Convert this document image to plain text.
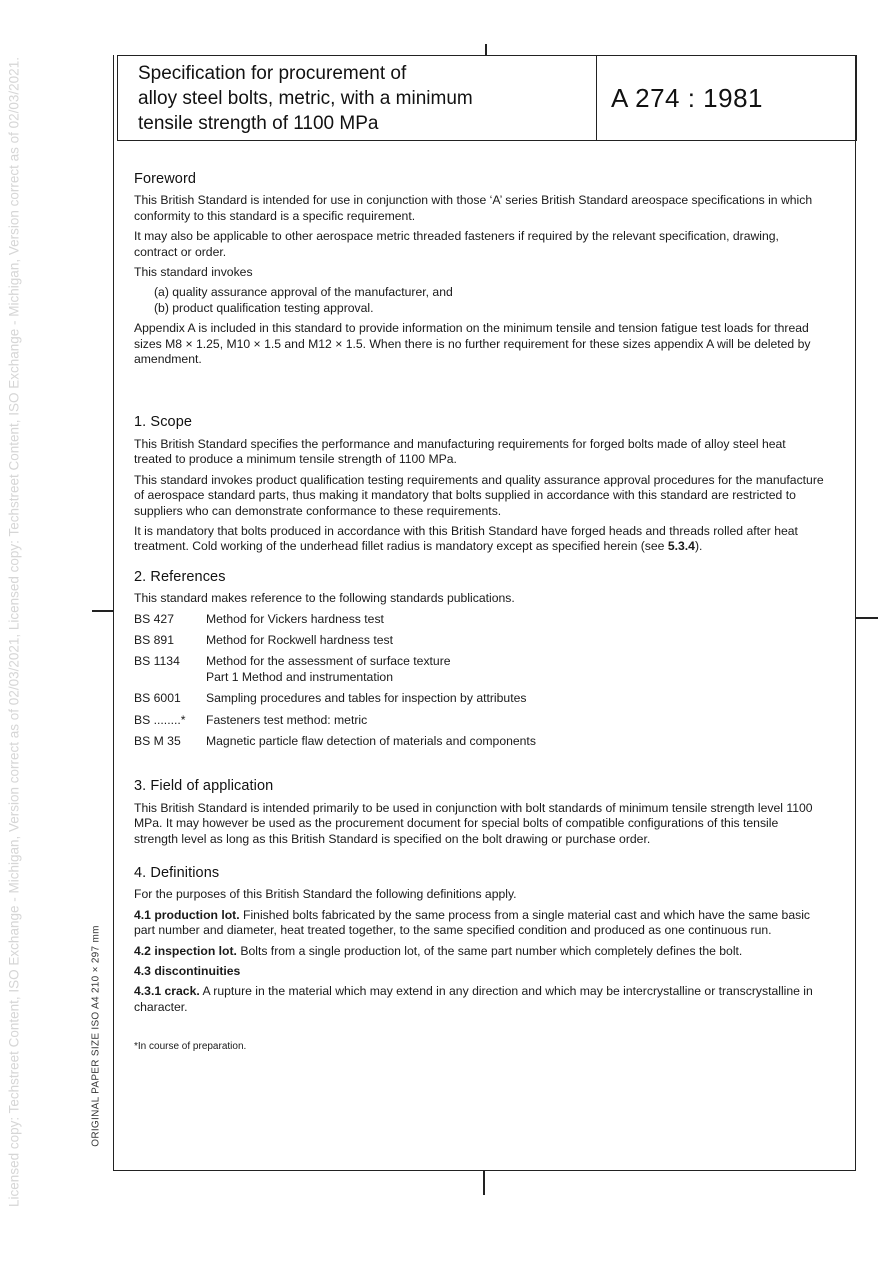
Licensed copy: Techstreet Content, ISO Exchange - Michigan, Version correct as of 02/03/2021, Licensed copy: Techstreet Content, ISO Exchange - Michigan, Version correct as of 02/03/2021.	ORIGINAL PAPER SIZE ISO A4 210 × 297 mm
Specification for procurement of
alloy steel bolts, metric, with a minimum
tensile strength of 1100 MPa
A 274 : 1981
Foreword

This British Standard is intended for use in conjunction with those ‘A’ series British Standard areospace specifications in which conformity to this standard is a specific requirement.

It may also be applicable to other aerospace metric threaded fasteners if required by the relevant specification, drawing, contract or order.

This standard invokes

(a) quality assurance approval of the manufacturer, and

(b) product qualification testing approval.

Appendix A is included in this standard to provide information on the minimum tensile and tension fatigue test loads for thread sizes M8 × 1.25, M10 × 1.5 and M12 × 1.5. When there is no further requirement for these sizes appendix A will be deleted by amendment.

1. Scope

This British Standard specifies the performance and manufacturing requirements for forged bolts made of alloy steel heat treated to produce a minimum tensile strength of 1100 MPa.

This standard invokes product qualification testing requirements and quality assurance approval procedures for the manufacture of aerospace standard parts, thus making it mandatory that bolts supplied in accordance with this standard are restricted to suppliers who can demonstrate conformance to these requirements.

It is mandatory that bolts produced in accordance with this British Standard have forged heads and threads rolled after heat treatment. Cold working of the underhead fillet radius is mandatory except as specified herein (see 5.3.4).

2. References

This standard makes reference to the following standards publications.

BS 427	Method for Vickers hardness test
BS 891	Method for Rockwell hardness test
BS 1134	Method for the assessment of surface texture
Part 1 Method and instrumentation
BS 6001	Sampling procedures and tables for inspection by attributes
BS ........*	Fasteners test method: metric
BS M 35	Magnetic particle flaw detection of materials and components
3. Field of application

This British Standard is intended primarily to be used in conjunction with bolt standards of minimum tensile strength level 1100 MPa. It may however be used as the procurement document for special bolts of compatible configurations of this tensile strength level as long as this British Standard is specified on the bolt drawing or purchase order.

4. Definitions

For the purposes of this British Standard the following definitions apply.

4.1 production lot. Finished bolts fabricated by the same process from a single material cast and which have the same basic part number and diameter, heat treated together, to the same specified condition and produced as one continuous run.

4.2 inspection lot. Bolts from a single production lot, of the same part number which completely defines the bolt.

4.3 discontinuities

4.3.1 crack. A rupture in the material which may extend in any direction and which may be intercrystalline or transcrystalline in character.

*In course of preparation.
